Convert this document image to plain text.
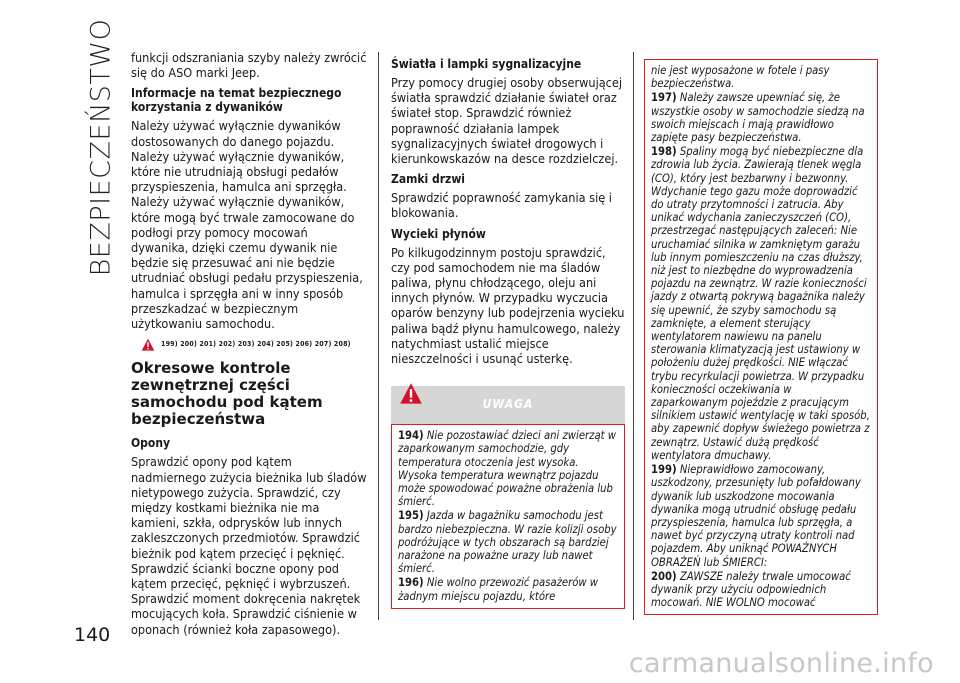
BEZPIECZEŃSTWO funkcji odszraniania szyby należy zwrócić się do ASO marki Jeep.

Informacje na temat bezpiecznego korzystania z dywaników

Należy używać wyłącznie dywaników dostosowanych do danego pojazdu. Należy używać wyłącznie dywaników, które nie utrudniają obsługi pedałów przyspieszenia, hamulca ani sprzęgła. Należy używać wyłącznie dywaników, które mogą być trwale zamocowane do podłogi przy pomocy mocowań dywanika, dzięki czemu dywanik nie będzie się przesuwać ani nie będzie utrudniać obsługi pedału przyspieszenia, hamulca i sprzęgła ani w inny sposób przeszkadzać w bezpiecznym użytkowaniu samochodu.

199) 200) 201) 202) 203) 204) 205) 206) 207) 208)
Okresowe kontrole zewnętrznej części samochodu pod kątem bezpieczeństwa
Opony

Sprawdzić opony pod kątem nadmiernego zużycia bieżnika lub śladów nietypowego zużycia. Sprawdzić, czy między kostkami bieżnika nie ma kamieni, szkła, odprysków lub innych zakleszczonych przedmiotów. Sprawdzić bieżnik pod kątem przecięć i pęknięć. Sprawdzić ścianki boczne opony pod kątem przecięć, pęknięć i wybrzuszeń. Sprawdzić moment dokręcenia nakrętek mocujących koła. Sprawdzić ciśnienie w oponach (również koła zapasowego).

Światła i lampki sygnalizacyjne

Przy pomocy drugiej osoby obserwującej światła sprawdzić działanie świateł oraz świateł stop. Sprawdzić również poprawność działania lampek sygnalizacyjnych świateł drogowych i kierunkowskazów na desce rozdzielczej.

Zamki drzwi

Sprawdzić poprawność zamykania się i blokowania.

Wycieki płynów

Po kilkugodzinnym postoju sprawdzić, czy pod samochodem nie ma śladów paliwa, płynu chłodzącego, oleju ani innych płynów. W przypadku wyczucia oparów benzyny lub podejrzenia wycieku paliwa bądź płynu hamulcowego, należy natychmiast ustalić miejsce nieszczelności i usunąć usterkę.

UWAGA
194) Nie pozostawiać dzieci ani zwierząt w zaparkowanym samochodzie, gdy temperatura otoczenia jest wysoka. Wysoka temperatura wewnątrz pojazdu może spowodować poważne obrażenia lub śmierć.
195) Jazda w bagażniku samochodu jest bardzo niebezpieczna. W razie kolizji osoby podróżujące w tych obszarach są bardziej narażone na poważne urazy lub nawet śmierć.
196) Nie wolno przewozić pasażerów w żadnym miejscu pojazdu, które
nie jest wyposażone w fotele i pasy bezpieczeństwa.
197) Należy zawsze upewniać się, że wszystkie osoby w samochodzie siedzą na swoich miejscach i mają prawidłowo zapięte pasy bezpieczeństwa.
198) Spaliny mogą być niebezpieczne dla zdrowia lub życia. Zawierają tlenek węgla (CO), który jest bezbarwny i bezwonny. Wdychanie tego gazu może doprowadzić do utraty przytomności i zatrucia. Aby unikać wdychania zanieczyszczeń (CO), przestrzegać następujących zaleceń: Nie uruchamiać silnika w zamkniętym garażu lub innym pomieszczeniu na czas dłuższy, niż jest to niezbędne do wyprowadzenia pojazdu na zewnątrz. W razie konieczności jazdy z otwartą pokrywą bagażnika należy się upewnić, że szyby samochodu są zamknięte, a element sterujący wentylatorem nawiewu na panelu sterowania klimatyzacją jest ustawiony w położeniu dużej prędkości. NIE włączać trybu recyrkulacji powietrza. W przypadku konieczności oczekiwania w zaparkowanym pojeździe z pracującym silnikiem ustawić wentylację w taki sposób, aby zapewnić dopływ świeżego powietrza z zewnątrz. Ustawić dużą prędkość wentylatora dmuchawy.
199) Nieprawidłowo zamocowany, uszkodzony, przesunięty lub pofałdowany dywanik lub uszkodzone mocowania dywanika mogą utrudnić obsługę pedału przyspieszenia, hamulca lub sprzęgła, a nawet być przyczyną utraty kontroli nad pojazdem. Aby uniknąć POWAŻNYCH OBRAŻEŃ lub ŚMIERCI:
200) ZAWSZE należy trwale umocować dywanik przy użyciu odpowiednich mocowań. NIE WOLNO mocować
140
carmanualsonline.info
